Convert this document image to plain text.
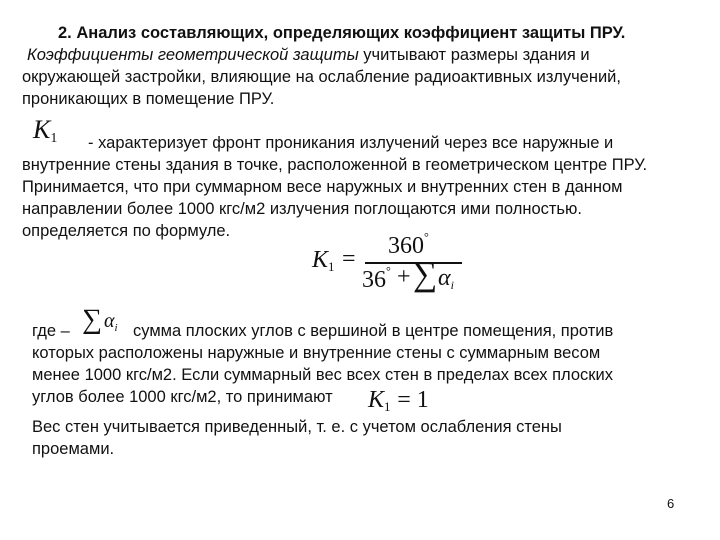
2. Анализ составляющих, определяющих коэффициент защиты ПРУ.
Коэффициенты геометрической защиты учитывают размеры здания и
окружающей застройки, влияющие на ослабление радиоактивных излучений,
проникающих в помещение ПРУ.
K1 - характеризует фронт проникания излучений через все наружные и
внутренние стены здания в точке, расположенной в геометрическом центре ПРУ.
Принимается, что при суммарном весе наружных и внутренних стен в данном
направлении более 1000 кгс/м2 излучения поглощаются ими полностью.
определяется по формуле.
K1 = 360°
36° + ∑ αi
где – ∑ $\alpha_i$ сумма плоских углов с вершиной в центре помещения, против
которых расположены наружные и внутренние стены с суммарным весом
менее 1000 кгс/м2. Если суммарный вес всех стен в пределах всех плоских
углов более 1000 кгс/м2, то принимают K1 = 1
Вес стен учитывается приведенный, т. е. с учетом ослабления стены
проемами.
6
